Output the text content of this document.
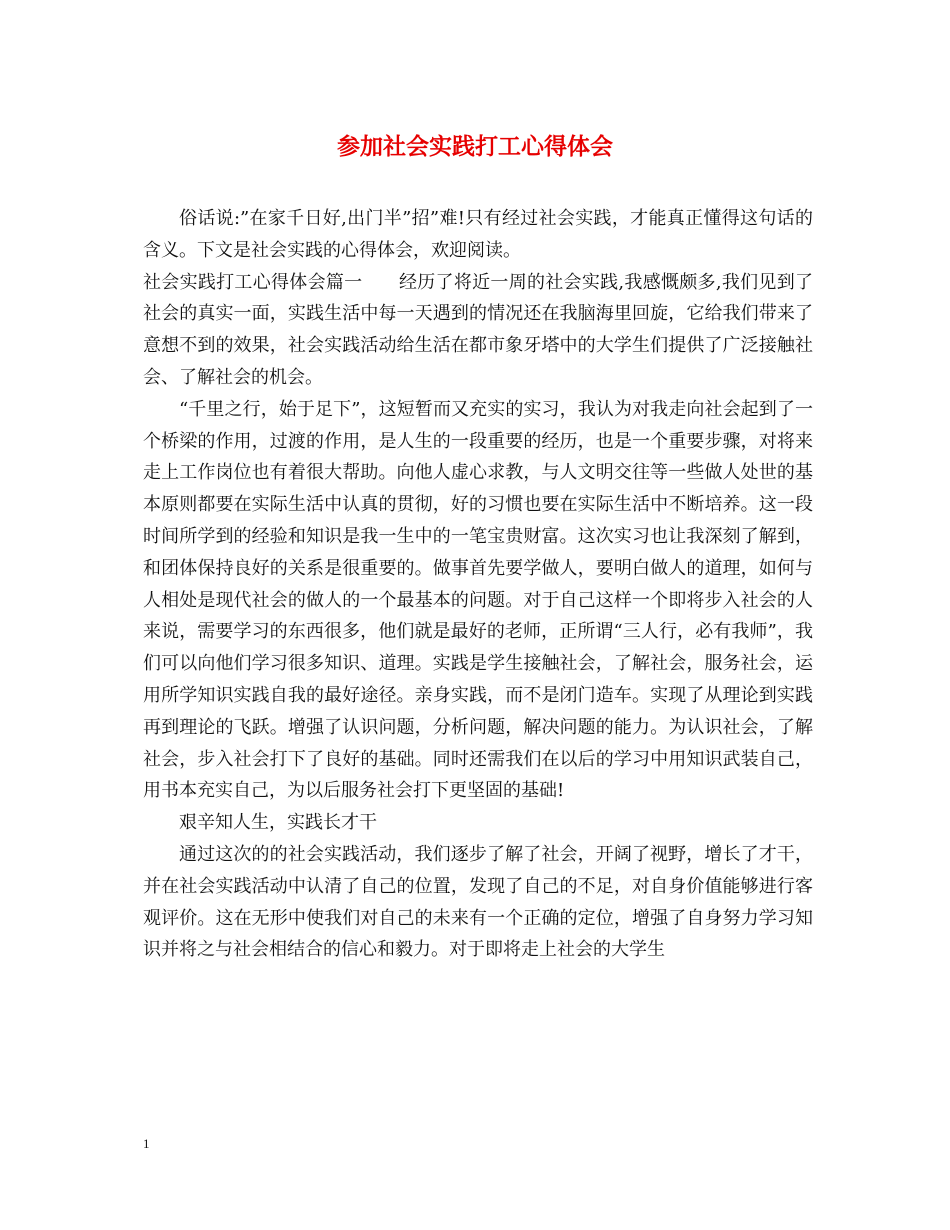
参加社会实践打工心得体会

俗话说:”在家千日好,出门半”招”难!只有经过社会实践，才能真正懂得这句话的含义。下文是社会实践的心得体会，欢迎阅读。

社会实践打工心得体会篇一　　经历了将近一周的社会实践,我感慨颇多,我们见到了社会的真实一面，实践生活中每一天遇到的情况还在我脑海里回旋，它给我们带来了意想不到的效果，社会实践活动给生活在都市象牙塔中的大学生们提供了广泛接触社会、了解社会的机会。

“千里之行，始于足下”，这短暂而又充实的实习，我认为对我走向社会起到了一个桥梁的作用，过渡的作用，是人生的一段重要的经历，也是一个重要步骤，对将来走上工作岗位也有着很大帮助。向他人虚心求教，与人文明交往等一些做人处世的基本原则都要在实际生活中认真的贯彻，好的习惯也要在实际生活中不断培养。这一段时间所学到的经验和知识是我一生中的一笔宝贵财富。这次实习也让我深刻了解到，和团体保持良好的关系是很重要的。做事首先要学做人，要明白做人的道理，如何与人相处是现代社会的做人的一个最基本的问题。对于自己这样一个即将步入社会的人来说，需要学习的东西很多，他们就是最好的老师，正所谓“三人行，必有我师”，我们可以向他们学习很多知识、道理。实践是学生接触社会，了解社会，服务社会，运用所学知识实践自我的最好途径。亲身实践，而不是闭门造车。实现了从理论到实践再到理论的飞跃。增强了认识问题，分析问题，解决问题的能力。为认识社会，了解社会，步入社会打下了良好的基础。同时还需我们在以后的学习中用知识武装自己，用书本充实自己，为以后服务社会打下更坚固的基础!

艰辛知人生，实践长才干

通过这次的的社会实践活动，我们逐步了解了社会，开阔了视野，增长了才干，并在社会实践活动中认清了自己的位置，发现了自己的不足，对自身价值能够进行客观评价。这在无形中使我们对自己的未来有一个正确的定位，增强了自身努力学习知识并将之与社会相结合的信心和毅力。对于即将走上社会的大学生

1
